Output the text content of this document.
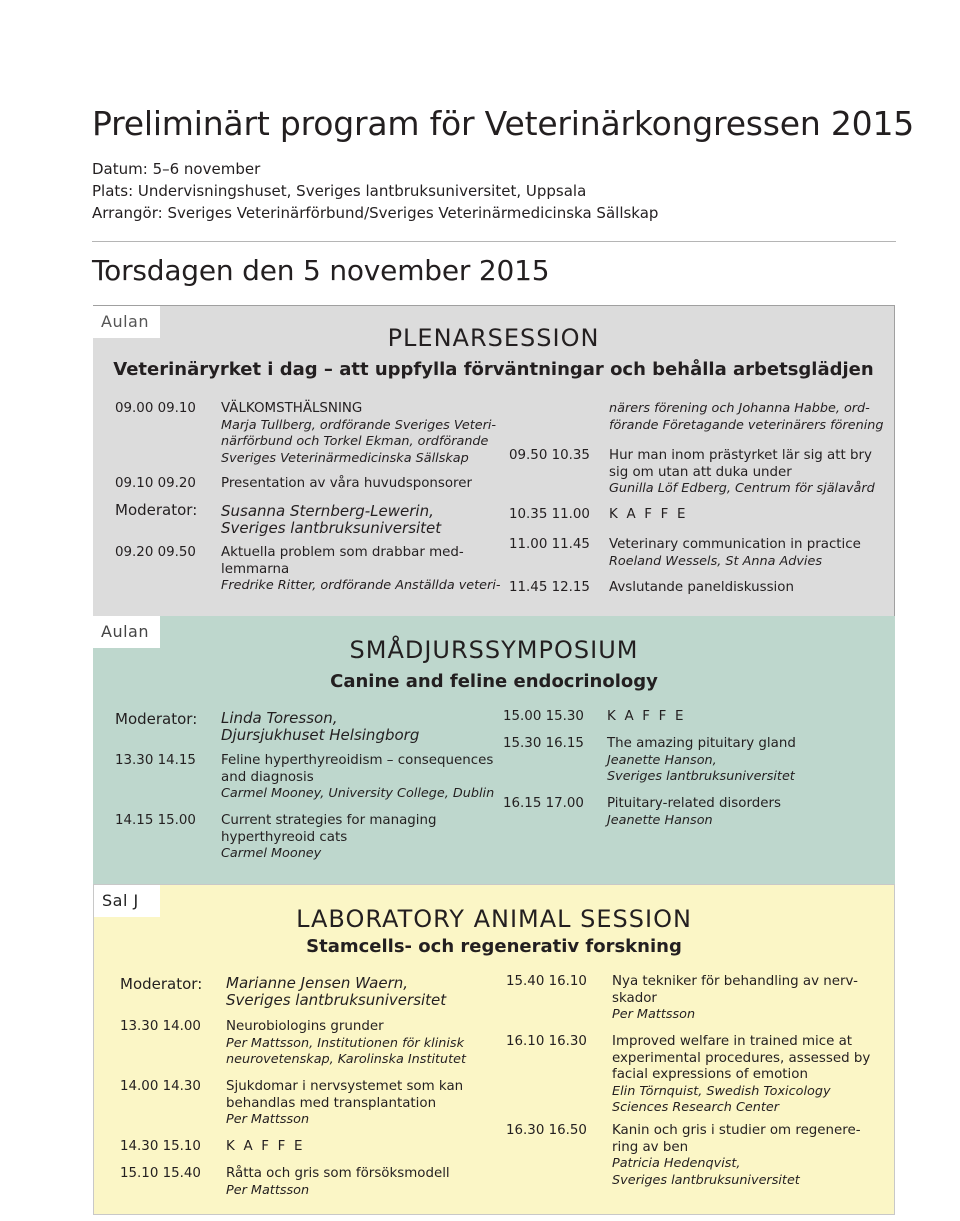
Preliminärt program för Veterinärkongressen 2015
Datum: 5–6 november
Plats: Undervisningshuset, Sveriges lantbruksuniversitet, Uppsala
Arrangör: Sveriges Veterinärförbund/Sveriges Veterinärmedicinska Sällskap
Torsdagen den 5 november 2015
Aulan
PLENARSESSION
Veterinäryrket i dag – att uppfylla förväntningar och behålla arbetsglädjen
09.00 09.10 VÄLKOMSTHÄLSNING
Marja Tullberg, ordförande Sveriges Veteri-
närförbund och Torkel Ekman, ordförande
Sveriges Veterinärmedicinska Sällskap
09.10 09.20 Presentation av våra huvudsponsorer
09.20 09.50 Aktuella problem som drabbar med-
lemmarna
Fredrike Ritter, ordförande Anställda veteri-
närers förening och Johanna Habbe, ord-
förande Företagande veterinärers förening
09.50 10.35 Hur man inom prästyrket lär sig att bry
sig om utan att duka under
Gunilla Löf Edberg, Centrum för själavård
10.35 11.00 K A F F E
11.00 11.45 Veterinary communication in practice
Roeland Wessels, St Anna Advies
11.45 12.15 Avslutande paneldiskussion
Moderator: Susanna Sternberg-Lewerin,
Sveriges lantbruksuniversitet
Aulan
SMÅDJURSSYMPOSIUM
Canine and feline endocrinology
Moderator: Linda Toresson,
Djursjukhuset Helsingborg
13.30 14.15 Feline hyperthyreoidism – consequences
and diagnosis
Carmel Mooney, University College, Dublin
14.15 15.00 Current strategies for managing
hyperthyreoid cats
Carmel Mooney
15.00 15.30 K A F F E
15.30 16.15 The amazing pituitary gland
Jeanette Hanson,
Sveriges lantbruksuniversitet
16.15 17.00 Pituitary-related disorders
Jeanette Hanson
Sal J
LABORATORY ANIMAL SESSION
Stamcells- och regenerativ forskning
Moderator: Marianne Jensen Waern,
Sveriges lantbruksuniversitet
13.30 14.00 Neurobiologins grunder
Per Mattsson, Institutionen för klinisk
neurovetenskap, Karolinska Institutet
14.00 14.30 Sjukdomar i nervsystemet som kan
behandlas med transplantation
Per Mattsson
14.30 15.10 K A F F E
15.10 15.40 Råtta och gris som försöksmodell
Per Mattsson
15.40 16.10 Nya tekniker för behandling av nerv-
skador
Per Mattsson
16.10 16.30 Improved welfare in trained mice at
experimental procedures, assessed by
facial expressions of emotion
Elin Törnquist, Swedish Toxicology
Sciences Research Center
16.30 16.50 Kanin och gris i studier om regenere-
ring av ben
Patricia Hedenqvist,
Sveriges lantbruksuniversitet
